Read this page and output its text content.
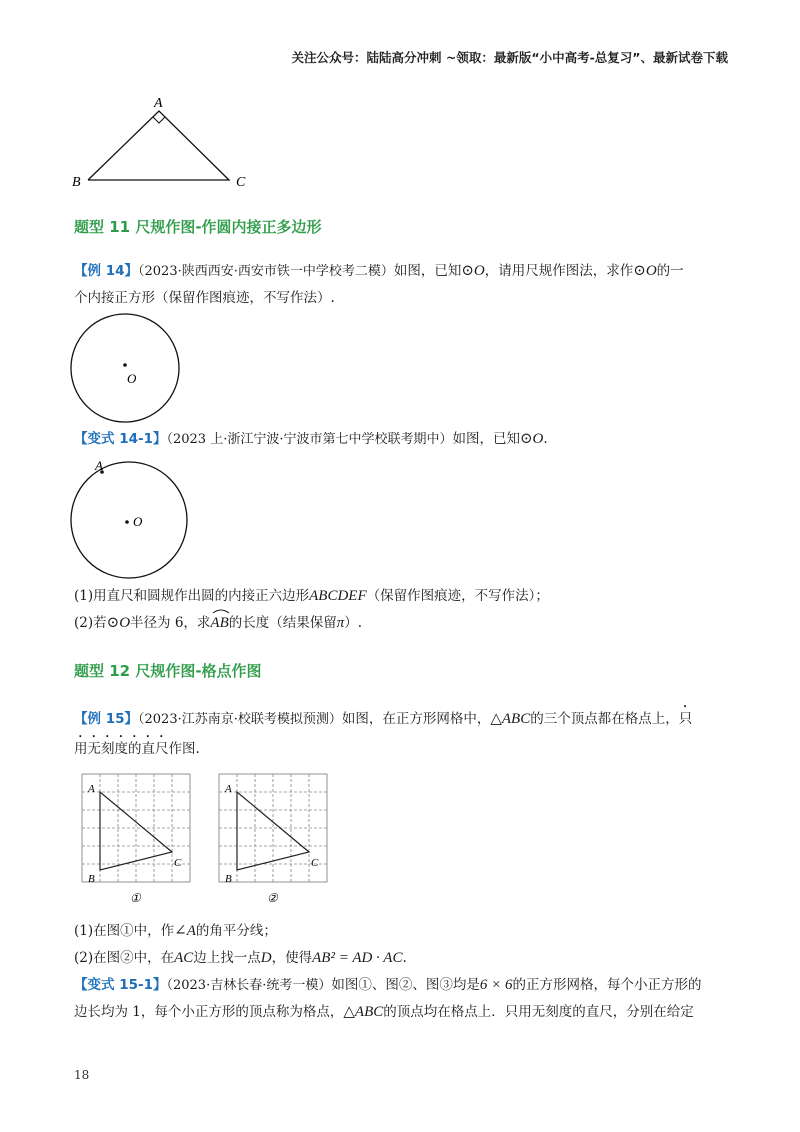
关注公众号：陆陆高分冲刺 ~领取：最新版“小中高考-总复习”、最新试卷下载
A
B	C
题型 11 尺规作图-作圆内接正多边形
【例 14】（2023·陕西西安·西安市铁一中学校考二模）如图，已知⊙O，请用尺规作图法，求作⊙O的一
个内接正方形（保留作图痕迹，不写作法）.
O
【变式 14-1】（2023 上·浙江宁波·宁波市第七中学校联考期中）如图，已知⊙O.
A
O
(1)用直尺和圆规作出圆的内接正六边形ABCDEF（保留作图痕迹，不写作法）；
(2)若⊙O半径为 6，求AB
的长度（结果保留π）.
题型 12 尺规作图-格点作图
【例 15】（2023·江苏南京·校联考模拟预测）如图，在正方形网格中，△ABC的三个顶点都在格点上，只
用无刻度的直尺作图.
A
B
C
①
A
B
C
②
(1)在图①中，作∠A的角平分线；
(2)在图②中，在AC边上找一点D，使得AB² = AD · AC.
【变式 15-1】（2023·吉林长春·统考一模）如图①、图②、图③均是6 × 6的正方形网格，每个小正方形的
边长均为 1，每个小正方形的顶点称为格点，△ABC的顶点均在格点上．只用无刻度的直尺，分别在给定
18
